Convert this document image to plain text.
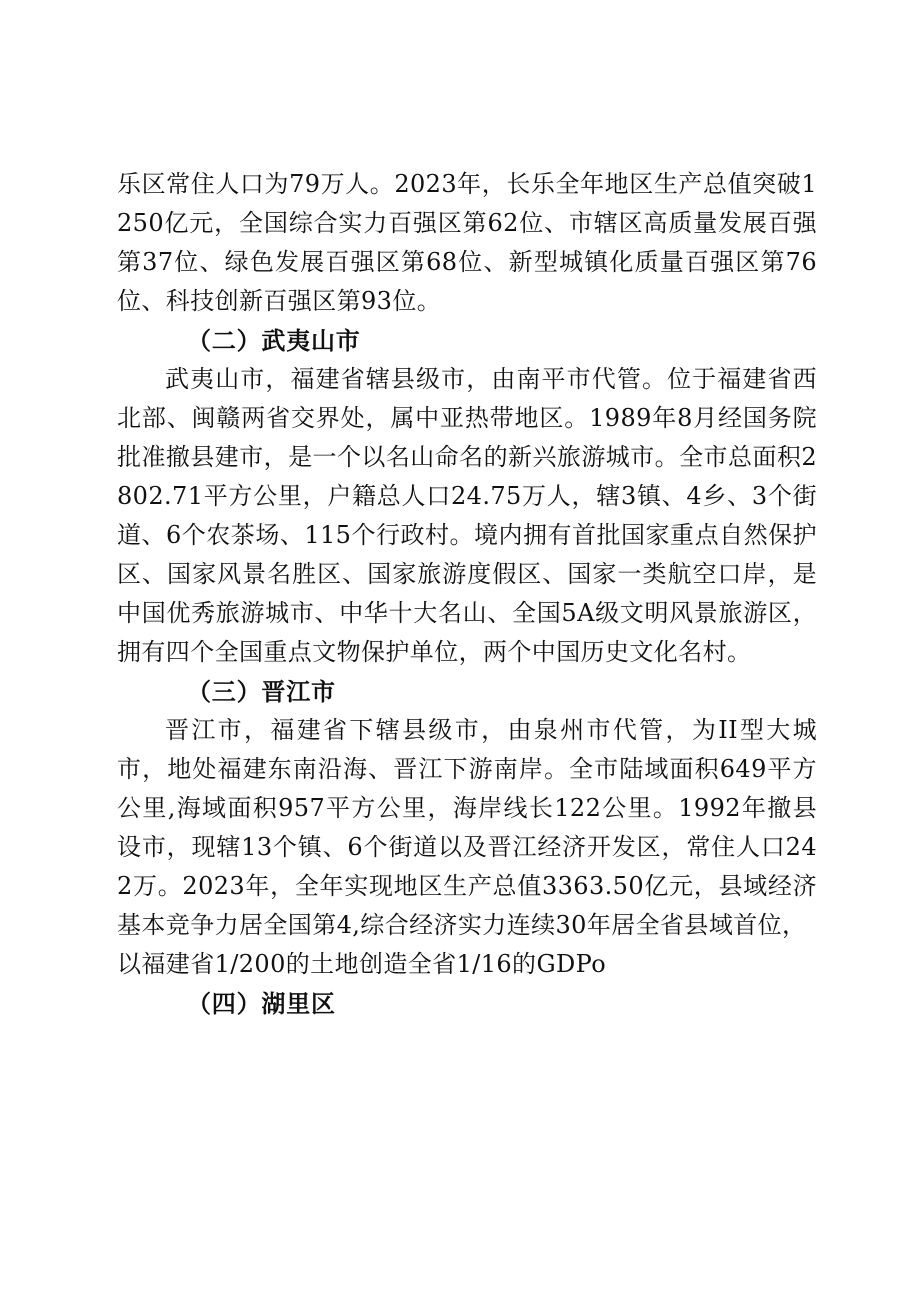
乐区常住人口为79万人。2023年，长乐全年地区生产总值突破1250亿元，全国综合实力百强区第62位、市辖区高质量发展百强第37位、绿色发展百强区第68位、新型城镇化质量百强区第76位、科技创新百强区第93位。

（二）武夷山市

武夷山市，福建省辖县级市，由南平市代管。位于福建省西北部、闽赣两省交界处，属中亚热带地区。1989年8月经国务院批准撤县建市，是一个以名山命名的新兴旅游城市。全市总面积2802.71平方公里，户籍总人口24.75万人，辖3镇、4乡、3个街道、6个农茶场、115个行政村。境内拥有首批国家重点自然保护区、国家风景名胜区、国家旅游度假区、国家一类航空口岸，是中国优秀旅游城市、中华十大名山、全国5A级文明风景旅游区，拥有四个全国重点文物保护单位，两个中国历史文化名村。

（三）晋江市

晋江市，福建省下辖县级市，由泉州市代管，为II型大城市，地处福建东南沿海、晋江下游南岸。全市陆域面积649平方公里,海域面积957平方公里，海岸线长122公里。1992年撤县设市，现辖13个镇、6个街道以及晋江经济开发区，常住人口242万。2023年，全年实现地区生产总值3363.50亿元，县域经济基本竞争力居全国第4,综合经济实力连续30年居全省县域首位，

以福建省1/200的土地创造全省1/16的GDPo

（四）湖里区
